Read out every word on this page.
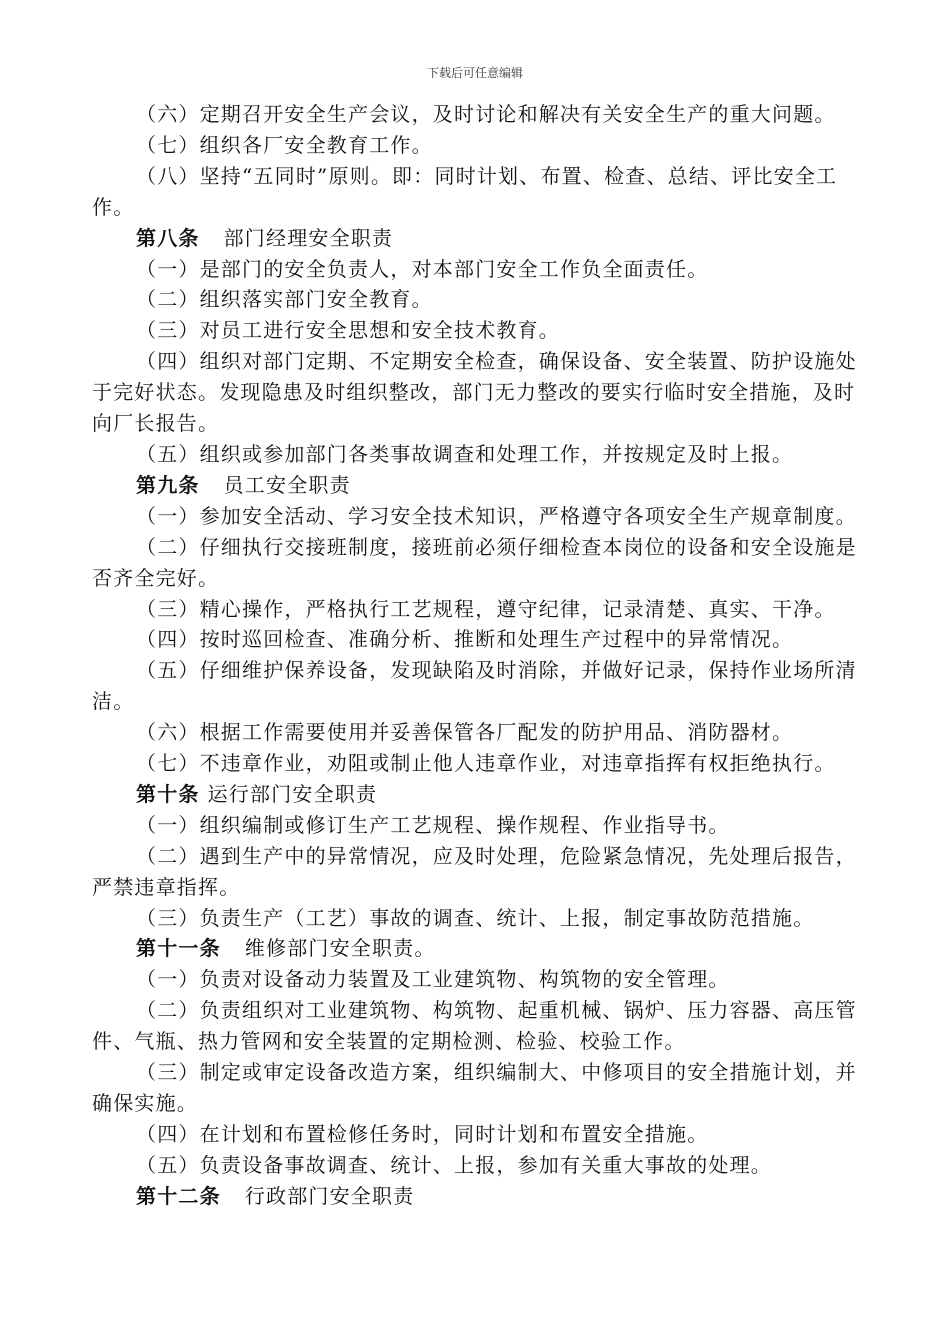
下载后可任意编辑

（六）定期召开安全生产会议，及时讨论和解决有关安全生产的重大问题。

（七）组织各厂安全教育工作。

（八）坚持“五同时”原则。即：同时计划、布置、检查、总结、评比安全工作。

第八条 部门经理安全职责

（一）是部门的安全负责人，对本部门安全工作负全面责任。

（二）组织落实部门安全教育。

（三）对员工进行安全思想和安全技术教育。

（四）组织对部门定期、不定期安全检查，确保设备、安全装置、防护设施处于完好状态。发现隐患及时组织整改，部门无力整改的要实行临时安全措施，及时向厂长报告。

（五）组织或参加部门各类事故调查和处理工作，并按规定及时上报。

第九条 员工安全职责

（一）参加安全活动、学习安全技术知识，严格遵守各项安全生产规章制度。

（二）仔细执行交接班制度，接班前必须仔细检查本岗位的设备和安全设施是否齐全完好。

（三）精心操作，严格执行工艺规程，遵守纪律，记录清楚、真实、干净。

（四）按时巡回检查、准确分析、推断和处理生产过程中的异常情况。

（五）仔细维护保养设备，发现缺陷及时消除，并做好记录，保持作业场所清洁。

（六）根据工作需要使用并妥善保管各厂配发的防护用品、消防器材。

（七）不违章作业，劝阻或制止他人违章作业，对违章指挥有权拒绝执行。

第十条 运行部门安全职责

（一）组织编制或修订生产工艺规程、操作规程、作业指导书。

（二）遇到生产中的异常情况，应及时处理，危险紧急情况，先处理后报告，严禁违章指挥。

（三）负责生产（工艺）事故的调查、统计、上报，制定事故防范措施。

第十一条 维修部门安全职责。

（一）负责对设备动力装置及工业建筑物、构筑物的安全管理。

（二）负责组织对工业建筑物、构筑物、起重机械、锅炉、压力容器、高压管件、气瓶、热力管网和安全装置的定期检测、检验、校验工作。

（三）制定或审定设备改造方案，组织编制大、中修项目的安全措施计划，并确保实施。

（四）在计划和布置检修任务时，同时计划和布置安全措施。

（五）负责设备事故调查、统计、上报，参加有关重大事故的处理。

第十二条 行政部门安全职责
